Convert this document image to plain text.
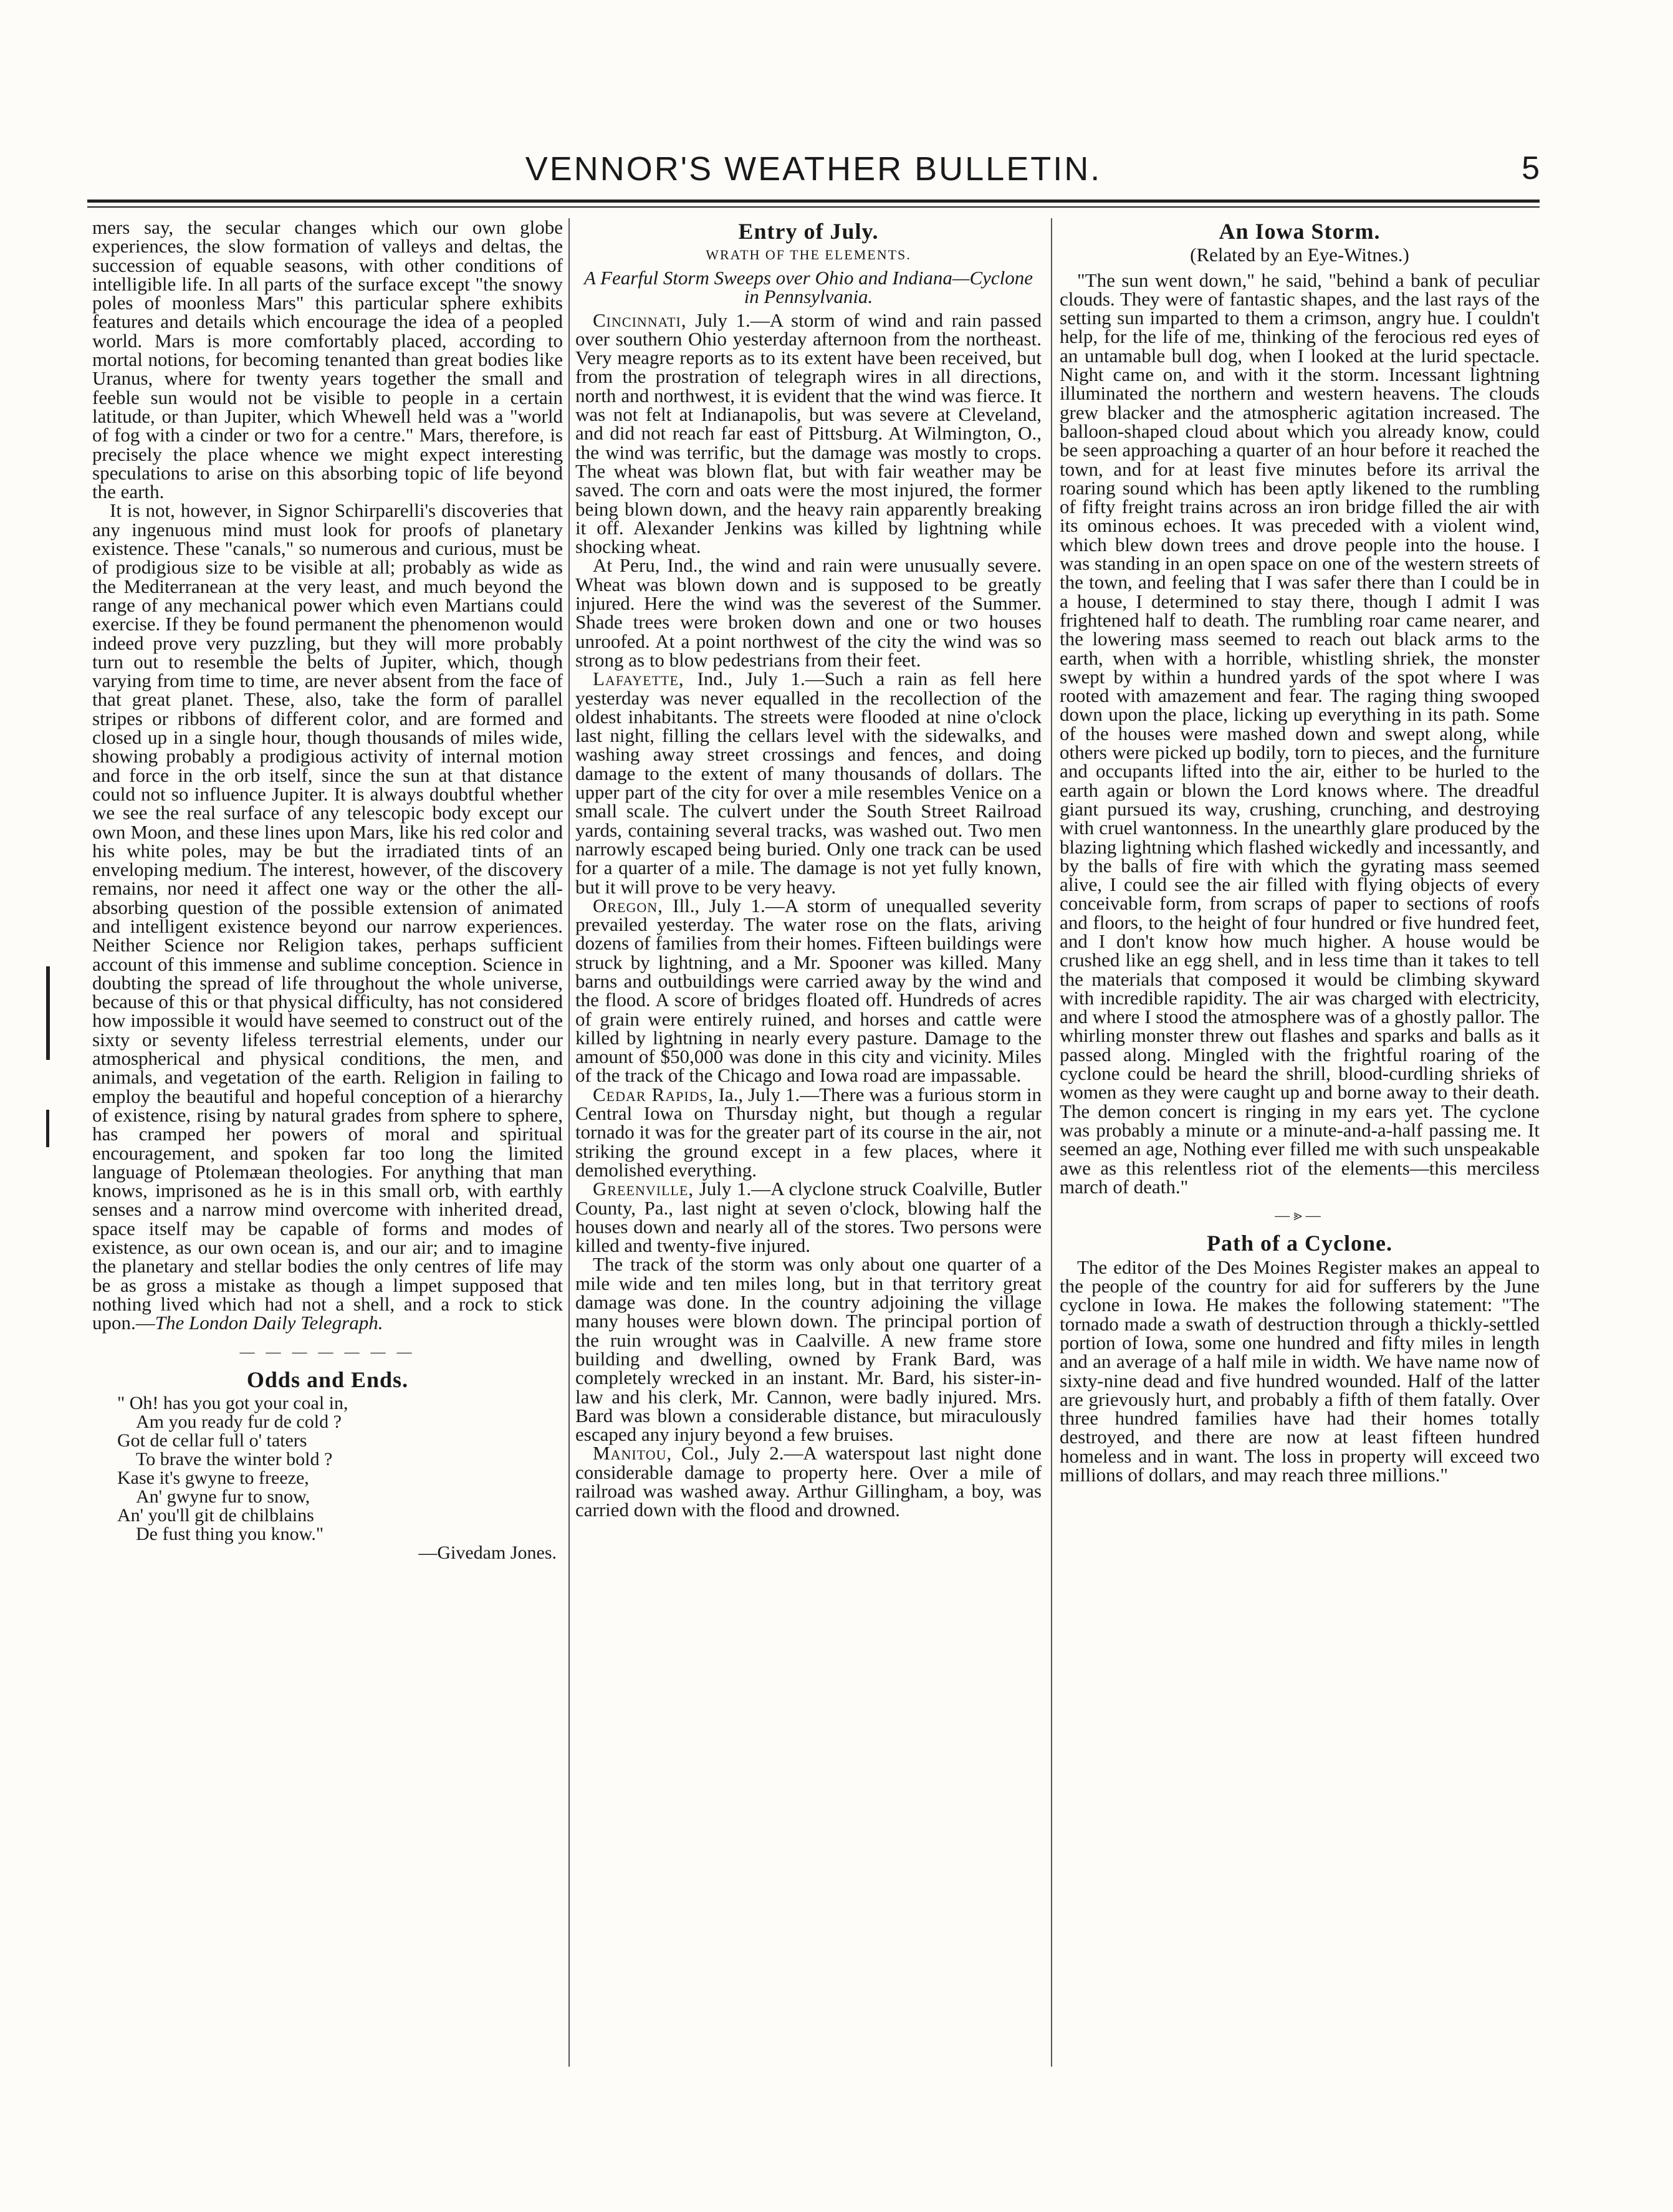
VENNOR'S WEATHER BULLETIN.	5

mers say, the secular changes which our own globe experiences, the slow formation of valleys and deltas, the succession of equable seasons, with other conditions of intelligible life. In all parts of the surface except "the snowy poles of moonless Mars" this particular sphere exhibits features and details which encourage the idea of a peopled world. Mars is more comfortably placed, according to mortal notions, for becoming tenanted than great bodies like Uranus, where for twenty years together the small and feeble sun would not be visible to people in a certain latitude, or than Jupiter, which Whewell held was a "world of fog with a cinder or two for a centre." Mars, therefore, is precisely the place whence we might expect interesting speculations to arise on this absorbing topic of life beyond the earth.

It is not, however, in Signor Schirparelli's discoveries that any ingenuous mind must look for proofs of planetary existence. These "canals," so numerous and curious, must be of prodigious size to be visible at all; probably as wide as the Mediterranean at the very least, and much beyond the range of any mechanical power which even Martians could exercise. If they be found permanent the phenomenon would indeed prove very puzzling, but they will more probably turn out to resemble the belts of Jupiter, which, though varying from time to time, are never absent from the face of that great planet. These, also, take the form of parallel stripes or ribbons of different color, and are formed and closed up in a single hour, though thousands of miles wide, showing probably a prodigious activity of internal motion and force in the orb itself, since the sun at that distance could not so influence Jupiter. It is always doubtful whether we see the real surface of any telescopic body except our own Moon, and these lines upon Mars, like his red color and his white poles, may be but the irradiated tints of an enveloping medium. The interest, however, of the discovery remains, nor need it affect one way or the other the all-absorbing question of the possible extension of animated and intelligent existence beyond our narrow experiences. Neither Science nor Religion takes, perhaps sufficient account of this immense and sublime conception. Science in doubting the spread of life throughout the whole universe, because of this or that physical difficulty, has not considered how impossible it would have seemed to construct out of the sixty or seventy lifeless terrestrial elements, under our atmospherical and physical conditions, the men, and animals, and vegetation of the earth. Religion in failing to employ the beautiful and hopeful conception of a hierarchy of existence, rising by natural grades from sphere to sphere, has cramped her powers of moral and spiritual encouragement, and spoken far too long the limited language of Ptolemæan theologies. For anything that man knows, imprisoned as he is in this small orb, with earthly senses and a narrow mind overcome with inherited dread, space itself may be capable of forms and modes of existence, as our own ocean is, and our air; and to imagine the planetary and stellar bodies the only centres of life may be as gross a mistake as though a limpet supposed that nothing lived which had not a shell, and a rock to stick upon.—The London Daily Telegraph.

— — — — — — —
Odds and Ends.
" Oh! has you got your coal in,
Am you ready fur de cold ?
Got de cellar full o' taters
To brave the winter bold ?
Kase it's gwyne to freeze,
An' gwyne fur to snow,
An' you'll git de chilblains
De fust thing you know."
—Givedam Jones.
Entry of July.
WRATH OF THE ELEMENTS.
A Fearful Storm Sweeps over Ohio and Indiana—Cyclone in Pennsylvania.

Cincinnati, July 1.—A storm of wind and rain passed over southern Ohio yesterday afternoon from the northeast. Very meagre reports as to its extent have been received, but from the prostration of telegraph wires in all directions, north and northwest, it is evident that the wind was fierce. It was not felt at Indianapolis, but was severe at Cleveland, and did not reach far east of Pittsburg. At Wilmington, O., the wind was terrific, but the damage was mostly to crops. The wheat was blown flat, but with fair weather may be saved. The corn and oats were the most injured, the former being blown down, and the heavy rain apparently breaking it off. Alexander Jenkins was killed by lightning while shocking wheat.

At Peru, Ind., the wind and rain were unusually severe. Wheat was blown down and is supposed to be greatly injured. Here the wind was the severest of the Summer. Shade trees were broken down and one or two houses unroofed. At a point northwest of the city the wind was so strong as to blow pedestrians from their feet.

Lafayette, Ind., July 1.—Such a rain as fell here yesterday was never equalled in the recollection of the oldest inhabitants. The streets were flooded at nine o'clock last night, filling the cellars level with the sidewalks, and washing away street crossings and fences, and doing damage to the extent of many thousands of dollars. The upper part of the city for over a mile resembles Venice on a small scale. The culvert under the South Street Railroad yards, containing several tracks, was washed out. Two men narrowly escaped being buried. Only one track can be used for a quarter of a mile. The damage is not yet fully known, but it will prove to be very heavy.

Oregon, Ill., July 1.—A storm of unequalled severity prevailed yesterday. The water rose on the flats, ariving dozens of families from their homes. Fifteen buildings were struck by lightning, and a Mr. Spooner was killed. Many barns and outbuildings were carried away by the wind and the flood. A score of bridges floated off. Hundreds of acres of grain were entirely ruined, and horses and cattle were killed by lightning in nearly every pasture. Damage to the amount of $50,000 was done in this city and vicinity. Miles of the track of the Chicago and Iowa road are impassable.

Cedar Rapids, Ia., July 1.—There was a furious storm in Central Iowa on Thursday night, but though a regular tornado it was for the greater part of its course in the air, not striking the ground except in a few places, where it demolished everything.

Greenville, July 1.—A clyclone struck Coalville, Butler County, Pa., last night at seven o'clock, blowing half the houses down and nearly all of the stores. Two persons were killed and twenty-five injured.

The track of the storm was only about one quarter of a mile wide and ten miles long, but in that territory great damage was done. In the country adjoining the village many houses were blown down. The principal portion of the ruin wrought was in Caalville. A new frame store building and dwelling, owned by Frank Bard, was completely wrecked in an instant. Mr. Bard, his sister-in-law and his clerk, Mr. Cannon, were badly injured. Mrs. Bard was blown a considerable distance, but miraculously escaped any injury beyond a few bruises.

Manitou, Col., July 2.—A waterspout last night done considerable damage to property here. Over a mile of railroad was washed away. Arthur Gillingham, a boy, was carried down with the flood and drowned.

An Iowa Storm.
(Related by an Eye-Witnes.)

"The sun went down," he said, "behind a bank of peculiar clouds. They were of fantastic shapes, and the last rays of the setting sun imparted to them a crimson, angry hue. I couldn't help, for the life of me, thinking of the ferocious red eyes of an untamable bull dog, when I looked at the lurid spectacle. Night came on, and with it the storm. Incessant lightning illuminated the northern and western heavens. The clouds grew blacker and the atmospheric agitation increased. The balloon-shaped cloud about which you already know, could be seen approaching a quarter of an hour before it reached the town, and for at least five minutes before its arrival the roaring sound which has been aptly likened to the rumbling of fifty freight trains across an iron bridge filled the air with its ominous echoes. It was preceded with a violent wind, which blew down trees and drove people into the house. I was standing in an open space on one of the western streets of the town, and feeling that I was safer there than I could be in a house, I determined to stay there, though I admit I was frightened half to death. The rumbling roar came nearer, and the lowering mass seemed to reach out black arms to the earth, when with a horrible, whistling shriek, the monster swept by within a hundred yards of the spot where I was rooted with amazement and fear. The raging thing swooped down upon the place, licking up everything in its path. Some of the houses were mashed down and swept along, while others were picked up bodily, torn to pieces, and the furniture and occupants lifted into the air, either to be hurled to the earth again or blown the Lord knows where. The dreadful giant pursued its way, crushing, crunching, and destroying with cruel wantonness. In the unearthly glare produced by the blazing lightning which flashed wickedly and incessantly, and by the balls of fire with which the gyrating mass seemed alive, I could see the air filled with flying objects of every conceivable form, from scraps of paper to sections of roofs and floors, to the height of four hundred or five hundred feet, and I don't know how much higher. A house would be crushed like an egg shell, and in less time than it takes to tell the materials that composed it would be climbing skyward with incredible rapidity. The air was charged with electricity, and where I stood the atmosphere was of a ghostly pallor. The whirling monster threw out flashes and sparks and balls as it passed along. Mingled with the frightful roaring of the cyclone could be heard the shrill, blood-curdling shrieks of women as they were caught up and borne away to their death. The demon concert is ringing in my ears yet. The cyclone was probably a minute or a minute-and-a-half passing me. It seemed an age, Nothing ever filled me with such unspeakable awe as this relentless riot of the elements—this merciless march of death."

—⪢—
Path of a Cyclone.

The editor of the Des Moines Register makes an appeal to the people of the country for aid for sufferers by the June cyclone in Iowa. He makes the following statement: "The tornado made a swath of destruction through a thickly-settled portion of Iowa, some one hundred and fifty miles in length and an average of a half mile in width. We have name now of sixty-nine dead and five hundred wounded. Half of the latter are grievously hurt, and probably a fifth of them fatally. Over three hundred families have had their homes totally destroyed, and there are now at least fifteen hundred homeless and in want. The loss in property will exceed two millions of dollars, and may reach three millions."
